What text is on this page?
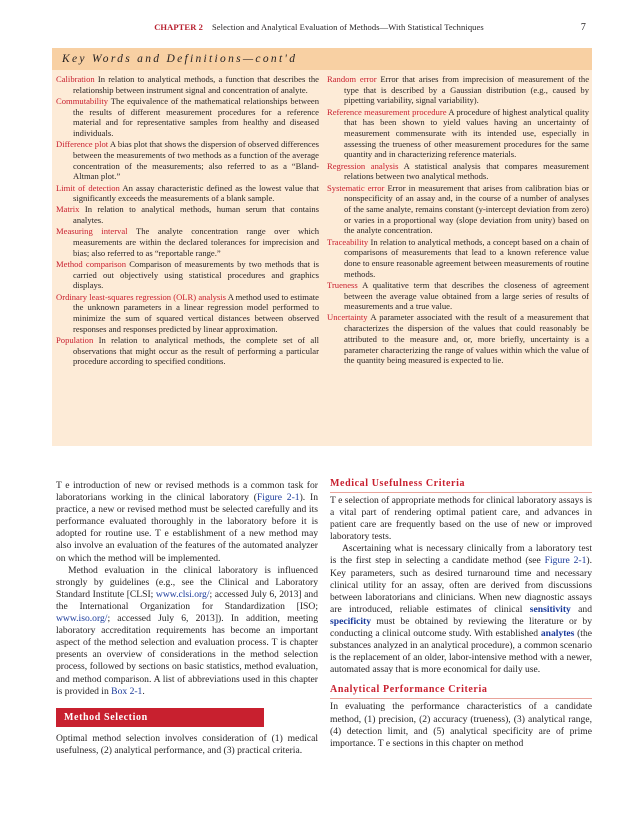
CHAPTER 2 Selection and Analytical Evaluation of Methods—With Statistical Techniques	7
Key Words and Definitions—cont'd

Calibration In relation to analytical methods, a function that describes the relationship between instrument signal and concentration of analyte.

Commutability The equivalence of the mathematical relationships between the results of different measurement procedures for a reference material and for representative samples from healthy and diseased individuals.

Difference plot A bias plot that shows the dispersion of observed differences between the measurements of two methods as a function of the average concentration of the measurements; also referred to as a “Bland-Altman plot.”

Limit of detection An assay characteristic defined as the lowest value that significantly exceeds the measurements of a blank sample.

Matrix In relation to analytical methods, human serum that contains analytes.

Measuring interval The analyte concentration range over which measurements are within the declared tolerances for imprecision and bias; also referred to as “reportable range.”

Method comparison Comparison of measurements by two methods that is carried out objectively using statistical procedures and graphics displays.

Ordinary least-squares regression (OLR) analysis A method used to estimate the unknown parameters in a linear regression model performed to minimize the sum of squared vertical distances between observed responses and responses predicted by linear approximation.

Population In relation to analytical methods, the complete set of all observations that might occur as the result of performing a particular procedure according to specified conditions.

Random error Error that arises from imprecision of measurement of the type that is described by a Gaussian distribution (e.g., caused by pipetting variability, signal variability).

Reference measurement procedure A procedure of highest analytical quality that has been shown to yield values having an uncertainty of measurement commensurate with its intended use, especially in assessing the trueness of other measurement procedures for the same quantity and in characterizing reference materials.

Regression analysis A statistical analysis that compares measurement relations between two analytical methods.

Systematic error Error in measurement that arises from calibration bias or nonspecificity of an assay and, in the course of a number of analyses of the same analyte, remains constant (y-intercept deviation from zero) or varies in a proportional way (slope deviation from unity) based on the analyte concentration.

Traceability In relation to analytical methods, a concept based on a chain of comparisons of measurements that lead to a known reference value done to ensure reasonable agreement between measurements of routine methods.

Trueness A qualitative term that describes the closeness of agreement between the average value obtained from a large series of results of measurements and a true value.

Uncertainty A parameter associated with the result of a measurement that characterizes the dispersion of the values that could reasonably be attributed to the measure and, or, more briefly, uncertainty is a parameter characterizing the range of values within which the value of the quantity being measured is expected to lie.

T e introduction of new or revised methods is a common task for laboratorians working in the clinical laboratory (Figure 2-1). In practice, a new or revised method must be selected carefully and its performance evaluated thoroughly in the laboratory before it is adopted for routine use. T e establishment of a new method may also involve an evaluation of the features of the automated analyzer on which the method will be implemented.

Method evaluation in the clinical laboratory is influenced strongly by guidelines (e.g., see the Clinical and Laboratory Standard Institute [CLSI; www.clsi.org/; accessed July 6, 2013] and the International Organization for Standardization [ISO; www.iso.org/; accessed July 6, 2013]). In addition, meeting laboratory accreditation requirements has become an important aspect of the method selection and evaluation process. T is chapter presents an overview of considerations in the method selection process, followed by sections on basic statistics, method evaluation, and method comparison. A list of abbreviations used in this chapter is provided in Box 2-1.

Method Selection

Optimal method selection involves consideration of (1) medical usefulness, (2) analytical performance, and (3) practical criteria.

Medical Usefulness Criteria

T e selection of appropriate methods for clinical laboratory assays is a vital part of rendering optimal patient care, and advances in patient care are frequently based on the use of new or improved laboratory tests.

Ascertaining what is necessary clinically from a laboratory test is the first step in selecting a candidate method (see Figure 2-1). Key parameters, such as desired turnaround time and necessary clinical utility for an assay, often are derived from discussions between laboratorians and clinicians. When new diagnostic assays are introduced, reliable estimates of clinical sensitivity and specificity must be obtained by reviewing the literature or by conducting a clinical outcome study. With established analytes (the substances analyzed in an analytical procedure), a common scenario is the replacement of an older, labor-intensive method with a newer, automated assay that is more economical for daily use.

Analytical Performance Criteria

In evaluating the performance characteristics of a candidate method, (1) precision, (2) accuracy (trueness), (3) analytical range, (4) detection limit, and (5) analytical specificity are of prime importance. T e sections in this chapter on method
